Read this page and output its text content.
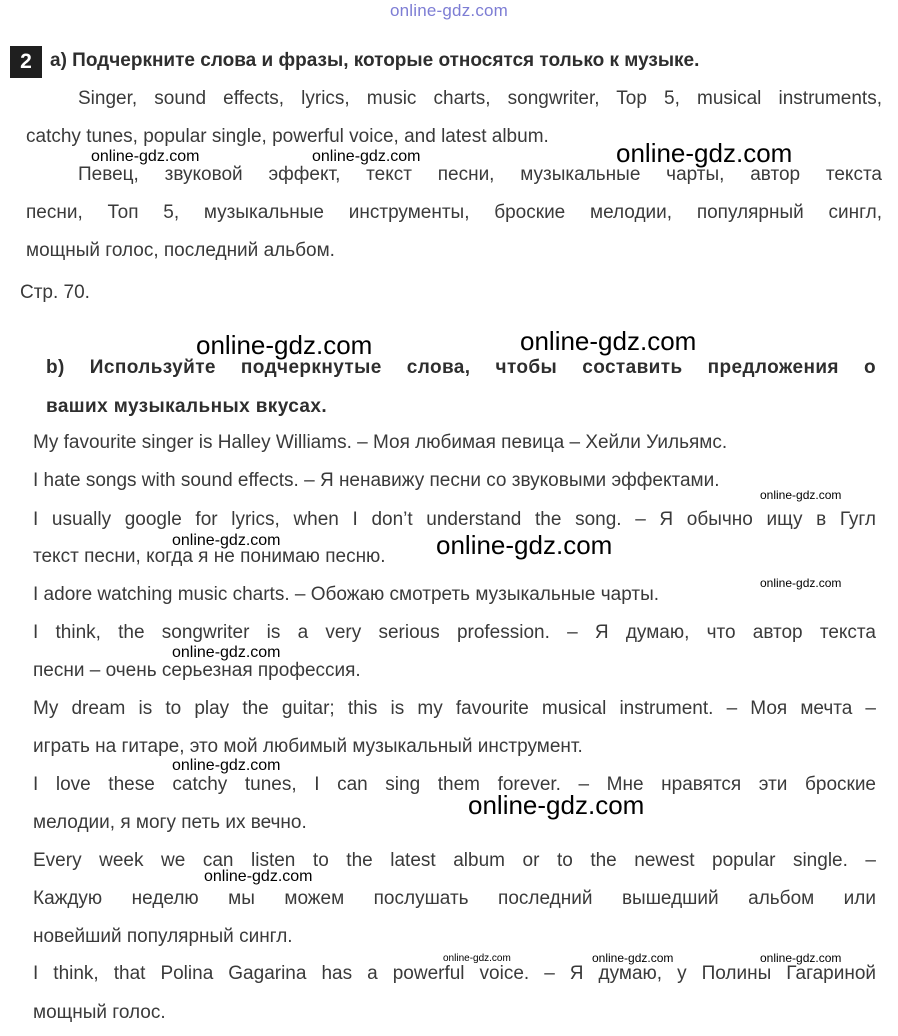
online-gdz.com
2 a) Подчеркните слова и фразы, которые относятся только к музыке.
Singer, sound effects, lyrics, music charts, songwriter, Top 5, musical instruments,
catchy tunes, popular single, powerful voice, and latest album.
Певец, звуковой эффект, текст песни, музыкальные чарты, автор текста
песни, Топ 5, музыкальные инструменты, броские мелодии, популярный сингл,
мощный голос, последний альбом.
Стр. 70.
b) Используйте подчеркнутые слова, чтобы составить предложения о
ваших музыкальных вкусах.
My favourite singer is Halley Williams. – Моя любимая певица – Хейли Уильямс.
I hate songs with sound effects. – Я ненавижу песни со звуковыми эффектами.
I usually google for lyrics, when I don’t understand the song. – Я обычно ищу в Гугл
текст песни, когда я не понимаю песню.
I adore watching music charts. – Обожаю смотреть музыкальные чарты.
I think, the songwriter is a very serious profession. – Я думаю, что автор текста
песни – очень серьезная профессия.
My dream is to play the guitar; this is my favourite musical instrument. – Моя мечта –
играть на гитаре, это мой любимый музыкальный инструмент.
I love these catchy tunes, I can sing them forever. – Мне нравятся эти броские
мелодии, я могу петь их вечно.
Every week we can listen to the latest album or to the newest popular single. –
Каждую неделю мы можем послушать последний вышедший альбом или
новейший популярный сингл.
I think, that Polina Gagarina has a powerful voice. – Я думаю, у Полины Гагариной
мощный голос.
online-gdz.com	online-gdz.com	online-gdz.com
online-gdz.com	online-gdz.com
online-gdz.com
online-gdz.com	online-gdz.com
online-gdz.com
online-gdz.com
online-gdz.com
online-gdz.com
online-gdz.com
online-gdz.com	online-gdz.com	online-gdz.com
